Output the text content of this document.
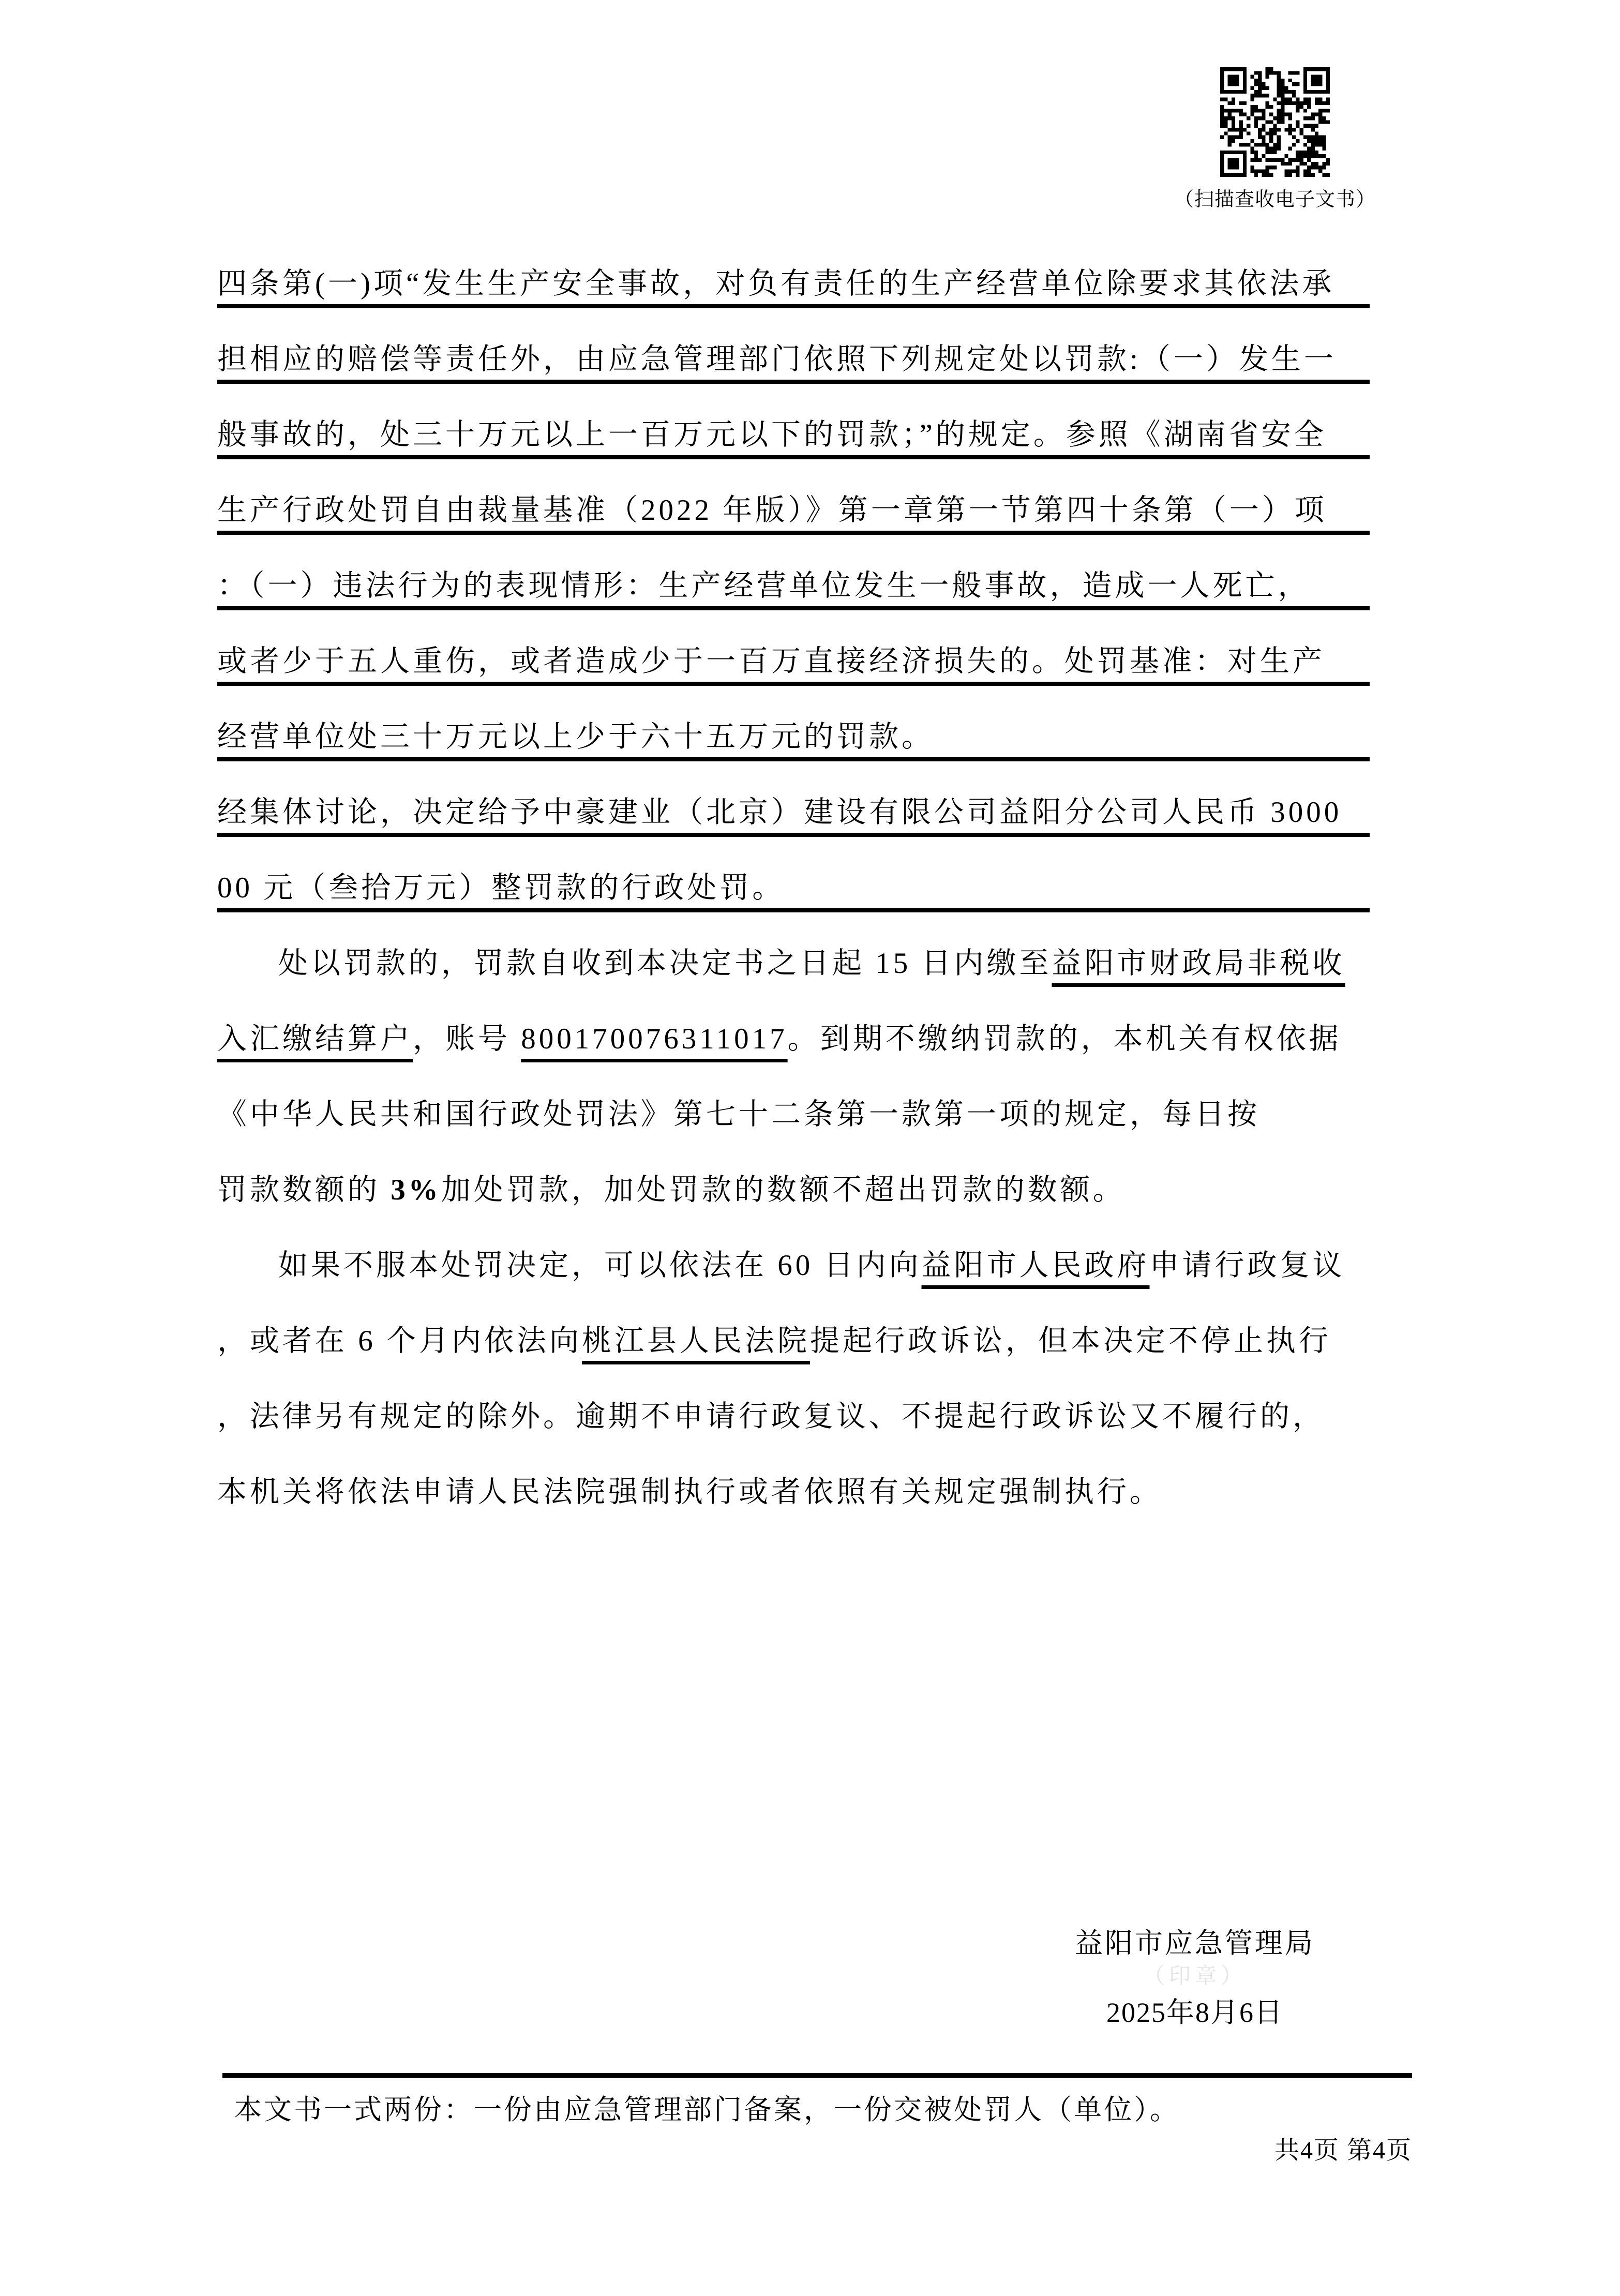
（扫描查收电子文书）
四条第(一)项“发生生产安全事故，对负有责任的生产经营单位除要求其依法承
担相应的赔偿等责任外，由应急管理部门依照下列规定处以罚款:（一）发生一
般事故的，处三十万元以上一百万元以下的罚款；”的规定。参照《湖南省安全
生产行政处罚自由裁量基准（2022 年版）》第一章第一节第四十条第（一）项
：（一）违法行为的表现情形：生产经营单位发生一般事故，造成一人死亡，
或者少于五人重伤，或者造成少于一百万直接经济损失的。处罚基准：对生产
经营单位处三十万元以上少于六十五万元的罚款。
经集体讨论，决定给予中豪建业（北京）建设有限公司益阳分公司人民币 3000
00 元（叁拾万元）整罚款的行政处罚。
处以罚款的，罚款自收到本决定书之日起 15 日内缴至益阳市财政局非税收
入汇缴结算户，账号 800170076311017。到期不缴纳罚款的，本机关有权依据
《中华人民共和国行政处罚法》第七十二条第一款第一项的规定，每日按
罚款数额的 3%加处罚款，加处罚款的数额不超出罚款的数额。
如果不服本处罚决定，可以依法在 60 日内向益阳市人民政府申请行政复议
，或者在 6 个月内依法向桃江县人民法院提起行政诉讼，但本决定不停止执行
，法律另有规定的除外。逾期不申请行政复议、不提起行政诉讼又不履行的，
本机关将依法申请人民法院强制执行或者依照有关规定强制执行。
益阳市应急管理局
（印章）
2025年8月6日
本文书一式两份：一份由应急管理部门备案，一份交被处罚人（单位）。
共4页 第4页
